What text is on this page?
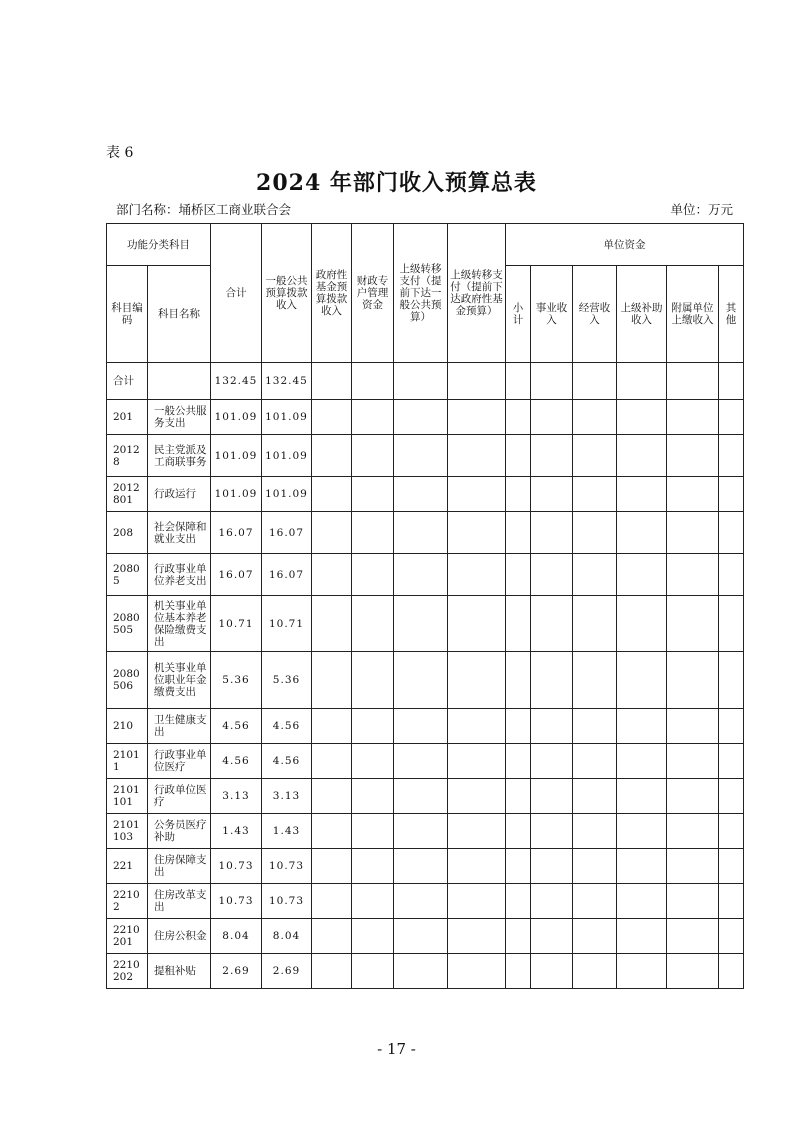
表 6
2024 年部门收入预算总表
部门名称：埇桥区工商业联合会	单位：万元
功能分类科目		合计	一般公共预算拨款收入	政府性基金预算拨款收入	财政专户管理资金	上级转移支付（提前下达一般公共预算）	上级转移支付（提前下达政府性基金预算）	单位资金					
科目编码	科目名称							小计	事业收入	经营收入	上级补助收入	附属单位上缴收入	其他
合计		132.45	132.45										
201	一般公共服务支出	101.09	101.09										
20128	民主党派及工商联事务	101.09	101.09										
2012801	行政运行	101.09	101.09										
208	社会保障和就业支出	16.07	16.07										
20805	行政事业单位养老支出	16.07	16.07										
2080505	机关事业单位基本养老保险缴费支出	10.71	10.71										
2080506	机关事业单位职业年金缴费支出	5.36	5.36										
210	卫生健康支出	4.56	4.56										
21011	行政事业单位医疗	4.56	4.56										
2101101	行政单位医疗	3.13	3.13										
2101103	公务员医疗补助	1.43	1.43										
221	住房保障支出	10.73	10.73										
22102	住房改革支出	10.73	10.73										
2210201	住房公积金	8.04	8.04										
2210202	提租补贴	2.69	2.69										
- 17 -
